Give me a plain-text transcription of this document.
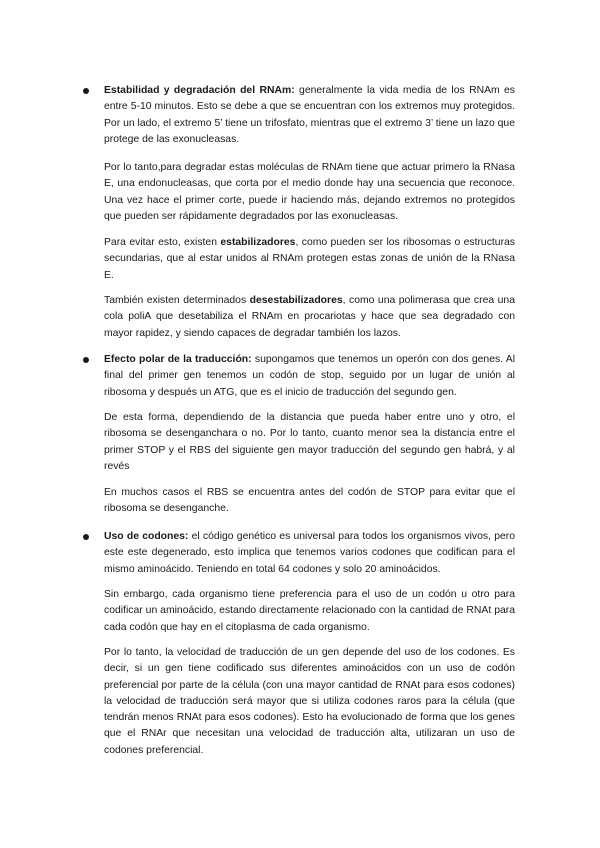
Estabilidad y degradación del RNAm: generalmente la vida media de los RNAm es entre 5-10 minutos. Esto se debe a que se encuentran con los extremos muy protegidos. Por un lado, el extremo 5’ tiene un trifosfato, mientras que el extremo 3’ tiene un lazo que protege de las exonucleasas.

Por lo tanto,para degradar estas moléculas de RNAm tiene que actuar primero la RNasa E, una endonucleasas, que corta por el medio donde hay una secuencia que reconoce. Una vez hace el primer corte, puede ir haciendo más, dejando extremos no protegidos que pueden ser rápidamente degradados por las exonucleasas.

Para evitar esto, existen estabilizadores, como pueden ser los ribosomas o estructuras secundarias, que al estar unidos al RNAm protegen estas zonas de unión de la RNasa E.

También existen determinados desestabilizadores, como una polimerasa que crea una cola poliA que desetabiliza el RNAm en procariotas y hace que sea degradado con mayor rapidez, y siendo capaces de degradar también los lazos.

Efecto polar de la traducción: supongamos que tenemos un operón con dos genes. Al final del primer gen tenemos un codón de stop, seguido por un lugar de unión al ribosoma y después un ATG, que es el inicio de traducción del segundo gen.

De esta forma, dependiendo de la distancia que pueda haber entre uno y otro, el ribosoma se desenganchara o no. Por lo tanto, cuanto menor sea la distancia entre el primer STOP y el RBS del siguiente gen mayor traducción del segundo gen habrá, y al revés

En muchos casos el RBS se encuentra antes del codón de STOP para evitar que el ribosoma se desenganche.

Uso de codones: el código genético es universal para todos los organismos vivos, pero este este degenerado, esto implica que tenemos varios codones que codifican para el mismo aminoácido. Teniendo en total 64 codones y solo 20 aminoácidos.

Sin embargo, cada organismo tiene preferencia para el uso de un codón u otro para codificar un aminoácido, estando directamente relacionado con la cantidad de RNAt para cada codón que hay en el citoplasma de cada organismo.

Por lo tanto, la velocidad de traducción de un gen depende del uso de los codones. Es decir, si un gen tiene codificado sus diferentes aminoácidos con un uso de codón preferencial por parte de la célula (con una mayor cantidad de RNAt para esos codones) la velocidad de traducción será mayor que si utiliza codones raros para la célula (que tendrán menos RNAt para esos codones). Esto ha evolucionado de forma que los genes que el RNAr que necesitan una velocidad de traducción alta, utilizaran un uso de codones preferencial.
